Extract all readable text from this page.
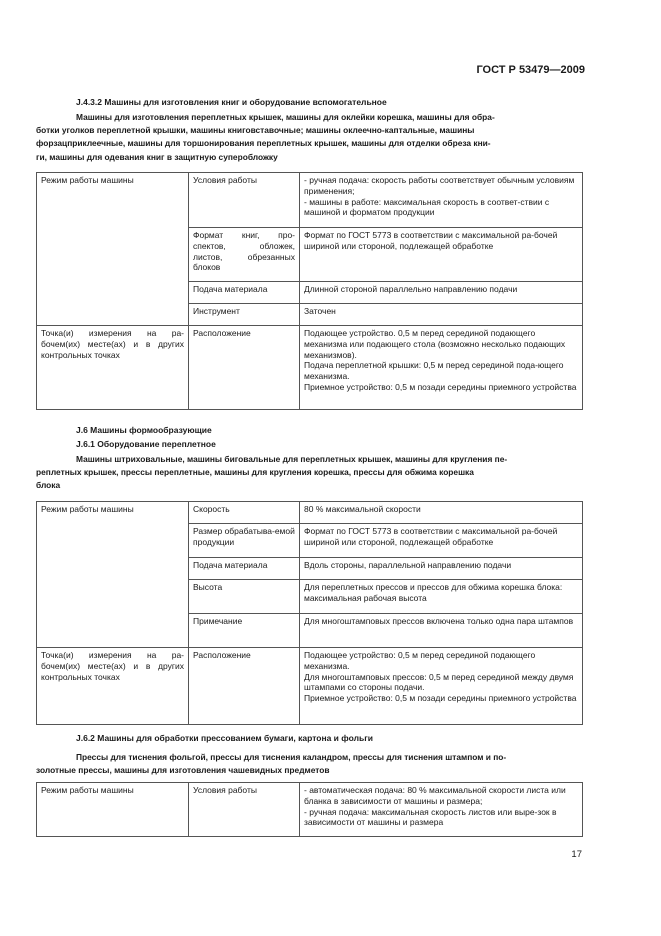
ГОСТ Р 53479—2009
J.4.3.2 Машины для изготовления книг и оборудование вспомогательное
Машины для изготовления переплетных крышек, машины для оклейки корешка, машины для обра-
ботки уголков переплетной крышки, машины книговставочные; машины оклеечно-каптальные, машины
форзацприклеечные, машины для торшонирования переплетных крышек, машины для отделки обреза кни-
ги, машины для одевания книг в защитную суперобложку
Режим работы машины	Условия работы	- ручная подача: скорость работы соответствует обычным условиям применения;
- машины в работе: максимальная скорость в соответ-ствии с машиной и форматом продукции

	Формат книг, про-спектов, обложек, листов, обрезанных блоков	Формат по ГОСТ 5773 в соответствии с максимальной ра-бочей шириной или стороной, подлежащей обработке
	Подача материала	Длинной стороной параллельно направлению подачи
	Инструмент	Заточен
Точка(и) измерения на ра-бочем(их) месте(ах) и в других контрольных точках	Расположение	Подающее устройство. 0,5 м перед серединой подающего механизма или подающего стола (возможно несколько подающих механизмов).
Подача переплетной крышки: 0,5 м перед серединой пода-ющего механизма.
Приемное устройство: 0,5 м позади середины приемного устройства
J.6 Машины формообразующие
J.6.1 Оборудование переплетное
Машины штриховальные, машины биговальные для переплетных крышек, машины для кругления пе-
реплетных крышек, прессы переплетные, машины для кругления корешка, прессы для обжима корешка
блока
Режим работы машины	Скорость	80 % максимальной скорости
	Размер обрабатыва-емой продукции	Формат по ГОСТ 5773 в соответствии с максимальной ра-бочей шириной или стороной, подлежащей обработке
	Подача материала	Вдоль стороны, параллельной направлению подачи
	Высота	Для переплетных прессов и прессов для обжима корешка блока: максимальная рабочая высота
	Примечание	Для многоштамповых прессов включена только одна пара штампов
Точка(и) измерения на ра-бочем(их) месте(ах) и в других контрольных точках	Расположение	Подающее устройство: 0,5 м перед серединой подающего механизма.
Для многоштамповых прессов: 0,5 м перед серединой между двумя штампами со стороны подачи.
Приемное устройство: 0,5 м позади середины приемного устройства
J.6.2 Машины для обработки прессованием бумаги, картона и фольги
Прессы для тиснения фольгой, прессы для тиснения каландром, прессы для тиснения штампом и по-
золотные прессы, машины для изготовления чашевидных предметов
Режим работы машины	Условия работы	- автоматическая подача: 80 % максимальной скорости листа или бланка в зависимости от машины и размера;
- ручная подача: максимальная скорость листов или выре-зок в зависимости от машины и размера
17
